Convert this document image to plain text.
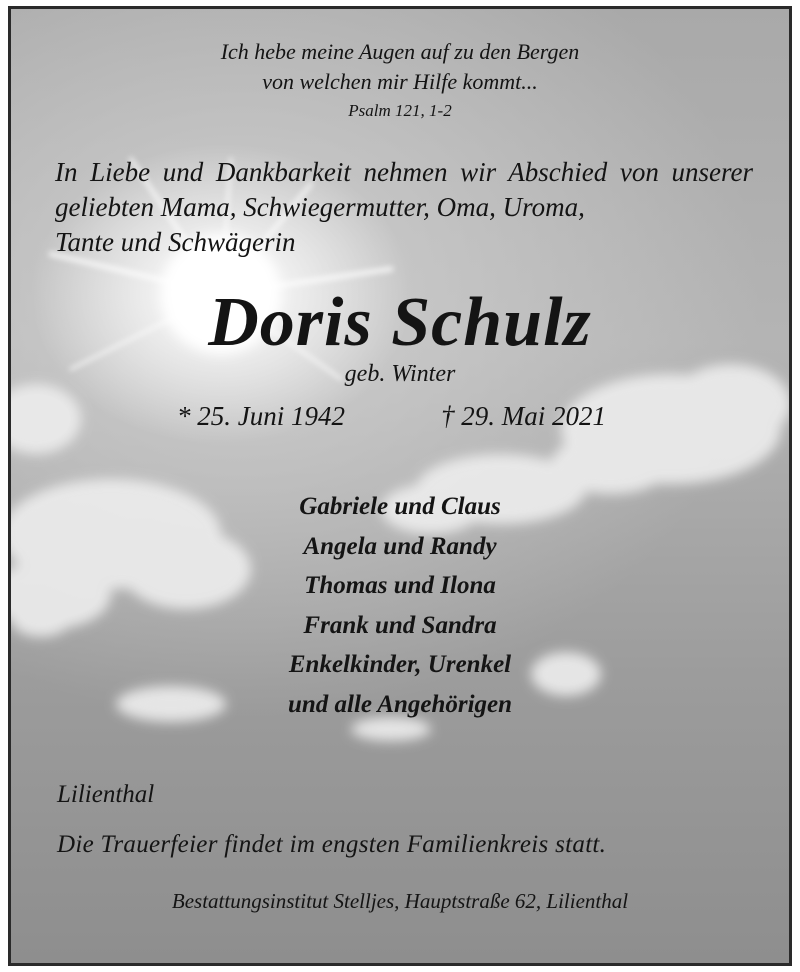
Ich hebe meine Augen auf zu den Bergen
von welchen mir Hilfe kommt...
Psalm 121, 1-2
In Liebe und Dankbarkeit nehmen wir Abschied von unserer geliebten Mama, Schwiegermutter, Oma, Uroma,
Tante und Schwägerin
Doris Schulz
geb. Winter
* 25. Juni 1942	† 29. Mai 2021
Gabriele und Claus
Angela und Randy
Thomas und Ilona
Frank und Sandra
Enkelkinder, Urenkel
und alle Angehörigen
Lilienthal
Die Trauerfeier findet im engsten Familienkreis statt.
Bestattungsinstitut Stelljes, Hauptstraße 62, Lilienthal
